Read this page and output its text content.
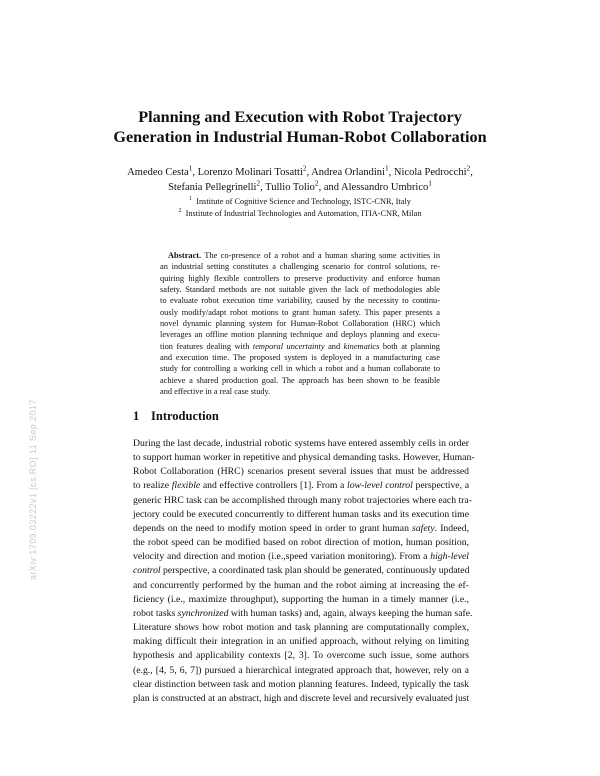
Planning and Execution with Robot Trajectory
Generation in Industrial Human-Robot Collaboration
Amedeo Cesta$^1$, Lorenzo Molinari Tosatti$^2$, Andrea Orlandini$^1$, Nicola Pedrocchi$^2$,
Stefania Pellegrinelli$^2$, Tullio Tolio$^2$, and Alessandro Umbrico$^1$
$^1$  Institute of Cognitive Science and Technology, ISTC-CNR, Italy
$^2$  Institute of Industrial Technologies and Automation, ITIA-CNR, Milan
Abstract. The co-presence of a robot and a human sharing some activities in
an industrial setting constitutes a challenging scenario for control solutions, re-
quiring highly flexible controllers to preserve productivity and enforce human
safety. Standard methods are not suitable given the lack of methodologies able
to evaluate robot execution time variability, caused by the necessity to continu-
ously modify/adapt robot motions to grant human safety. This paper presents a
novel dynamic planning system for Human-Robot Collaboration (HRC) which
leverages an offline motion planning technique and deploys planning and execu-
tion features dealing with temporal uncertainty and kinematics both at planning
and execution time. The proposed system is deployed in a manufacturing case
study for controlling a working cell in which a robot and a human collaborate to
achieve a shared production goal. The approach has been shown to be feasible
and effective in a real case study.
1 Introduction
During the last decade, industrial robotic systems have entered assembly cells in order
to support human worker in repetitive and physical demanding tasks. However, Human-
Robot Collaboration (HRC) scenarios present several issues that must be addressed
to realize flexible and effective controllers [1]. From a low-level control perspective, a
generic HRC task can be accomplished through many robot trajectories where each tra-
jectory could be executed concurrently to different human tasks and its execution time
depends on the need to modify motion speed in order to grant human safety. Indeed,
the robot speed can be modified based on robot direction of motion, human position,
velocity and direction and motion (i.e.,speed variation monitoring). From a high-level
control perspective, a coordinated task plan should be generated, continuously updated
and concurrently performed by the human and the robot aiming at increasing the ef-
ficiency (i.e., maximize throughput), supporting the human in a timely manner (i.e.,
robot tasks synchronized with human tasks) and, again, always keeping the human safe.
Literature shows how robot motion and task planning are computationally complex,
making difficult their integration in an unified approach, without relying on limiting
hypothesis and applicability contexts [2, 3]. To overcome such issue, some authors
(e.g., [4, 5, 6, 7]) pursued a hierarchical integrated approach that, however, rely on a
clear distinction between task and motion planning features. Indeed, typically the task
plan is constructed at an abstract, high and discrete level and recursively evaluated just
arXiv:1709.03222v1 [cs.RO] 11 Sep 2017
